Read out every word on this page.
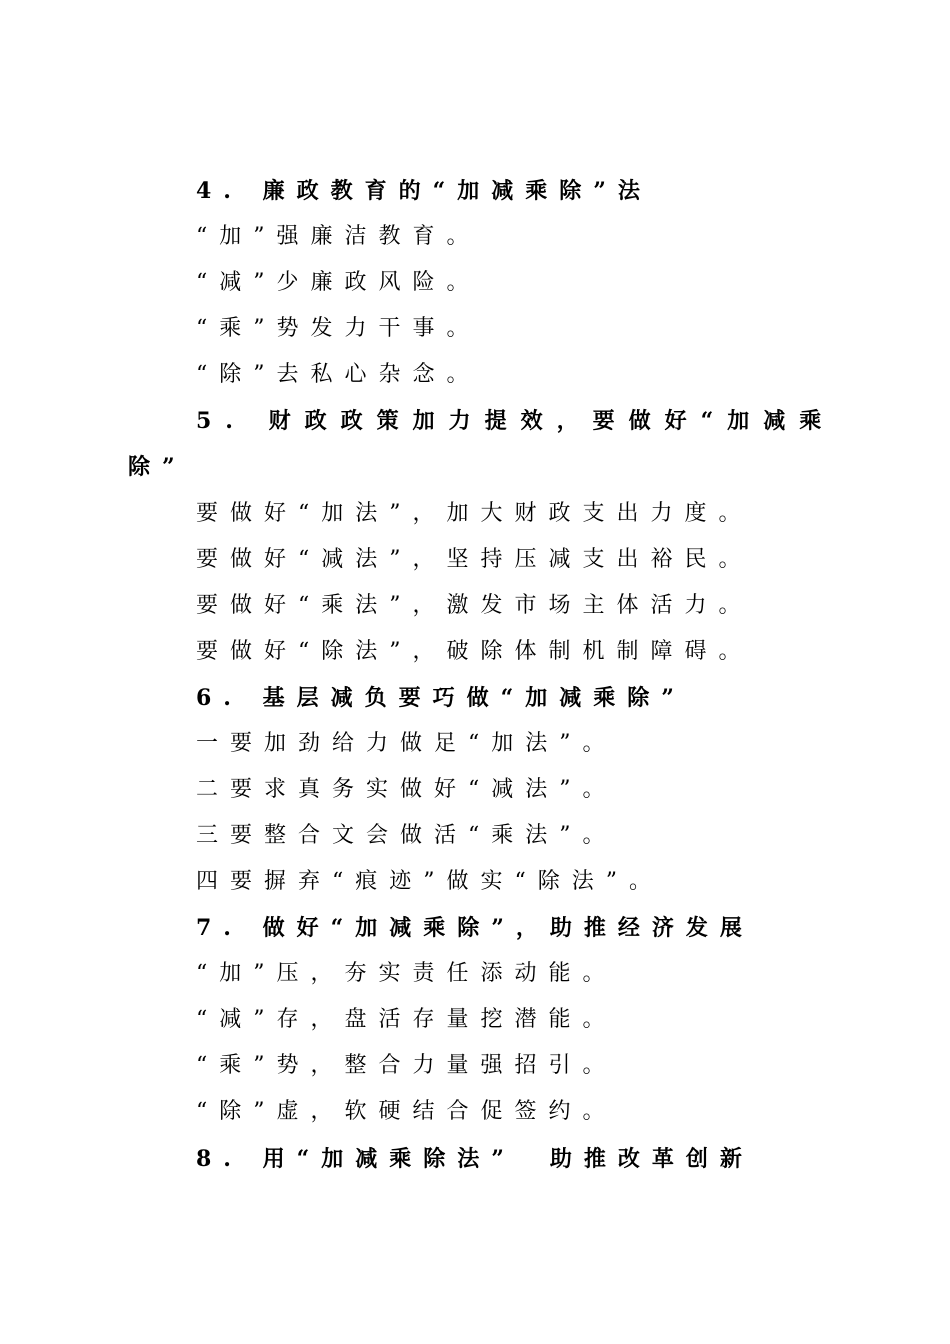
4. 廉政教育的“加减乘除”法
“加”强廉洁教育。
“减”少廉政风险。
“乘”势发力干事。
“除”去私心杂念。
5. 财政政策加力提效，要做好“加减乘
除”
要做好“加法”，加大财政支出力度。
要做好“减法”，坚持压减支出裕民。
要做好“乘法”，激发市场主体活力。
要做好“除法”，破除体制机制障碍。
6. 基层减负要巧做“加减乘除”
一要加劲给力做足“加法”。
二要求真务实做好“减法”。
三要整合文会做活“乘法”。
四要摒弃“痕迹”做实“除法”。
7. 做好“加减乘除”，助推经济发展
“加”压，夯实责任添动能。
“减”存，盘活存量挖潜能。
“乘”势，整合力量强招引。
“除”虚，软硬结合促签约。
8. 用“加减乘除法”　助推改革创新
